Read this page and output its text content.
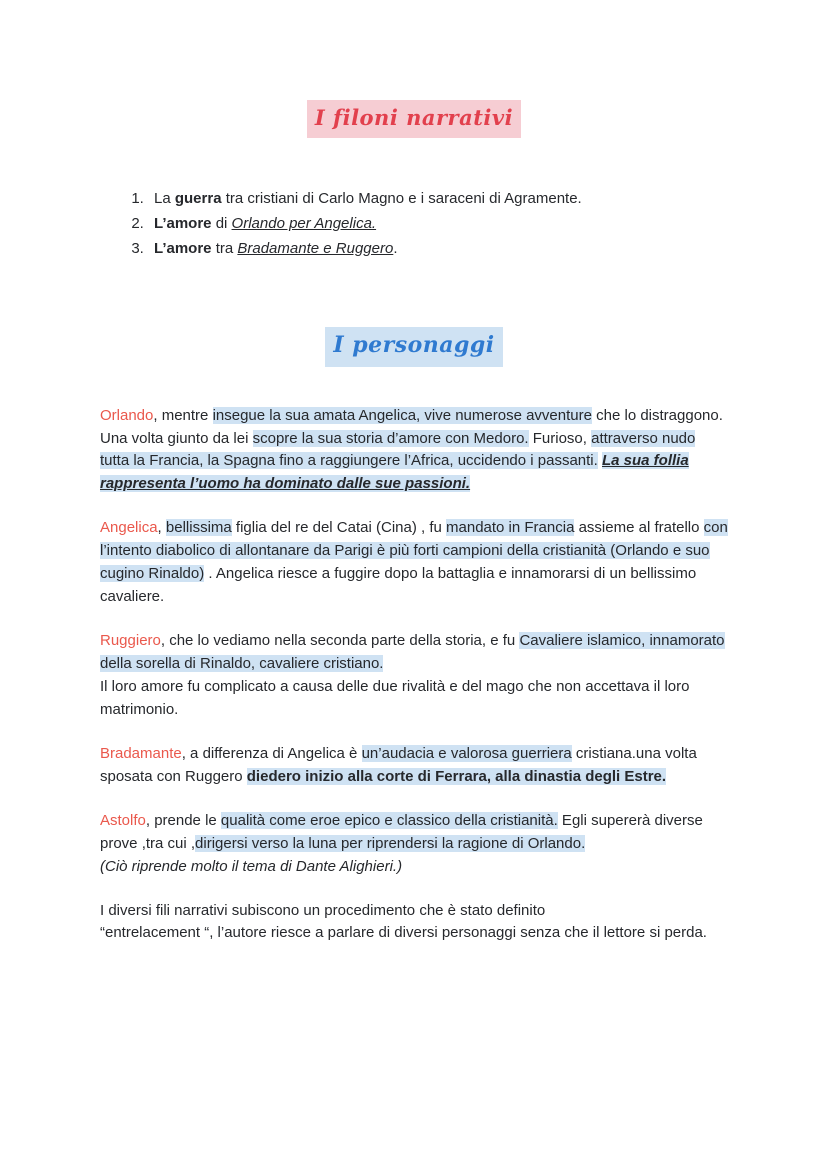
I filoni narrativi
1. La guerra tra cristiani di Carlo Magno e i saraceni di Agramente.
2. L’amore di Orlando per Angelica.
3. L’amore tra Bradamante e Ruggero.
I personaggi

Orlando, mentre insegue la sua amata Angelica, vive numerose avventure che lo distraggono. Una volta giunto da lei scopre la sua storia d’amore con Medoro. Furioso, attraverso nudo tutta la Francia, la Spagna fino a raggiungere l’Africa, uccidendo i passanti. La sua follia rappresenta l’uomo ha dominato dalle sue passioni.

Angelica, bellissima figlia del re del Catai (Cina) , fu mandato in Francia assieme al fratello con l’intento diabolico di allontanare da Parigi è più forti campioni della cristianità (Orlando e suo cugino Rinaldo) . Angelica riesce a fuggire dopo la battaglia e innamorarsi di un bellissimo cavaliere.

Ruggiero, che lo vediamo nella seconda parte della storia, e fu Cavaliere islamico, innamorato della sorella di Rinaldo, cavaliere cristiano.
Il loro amore fu complicato a causa delle due rivalità e del mago che non accettava il loro matrimonio.

Bradamante, a differenza di Angelica è un’audacia e valorosa guerriera cristiana.una volta sposata con Ruggero diedero inizio alla corte di Ferrara, alla dinastia degli Estre.

Astolfo, prende le qualità come eroe epico e classico della cristianità. Egli supererà diverse prove ,tra cui ,dirigersi verso la luna per riprendersi la ragione di Orlando.
(Ciò riprende molto il tema di Dante Alighieri.)

I diversi fili narrativi subiscono un procedimento che è stato definito
“entrelacement “, l’autore riesce a parlare di diversi personaggi senza che il lettore si perda.
